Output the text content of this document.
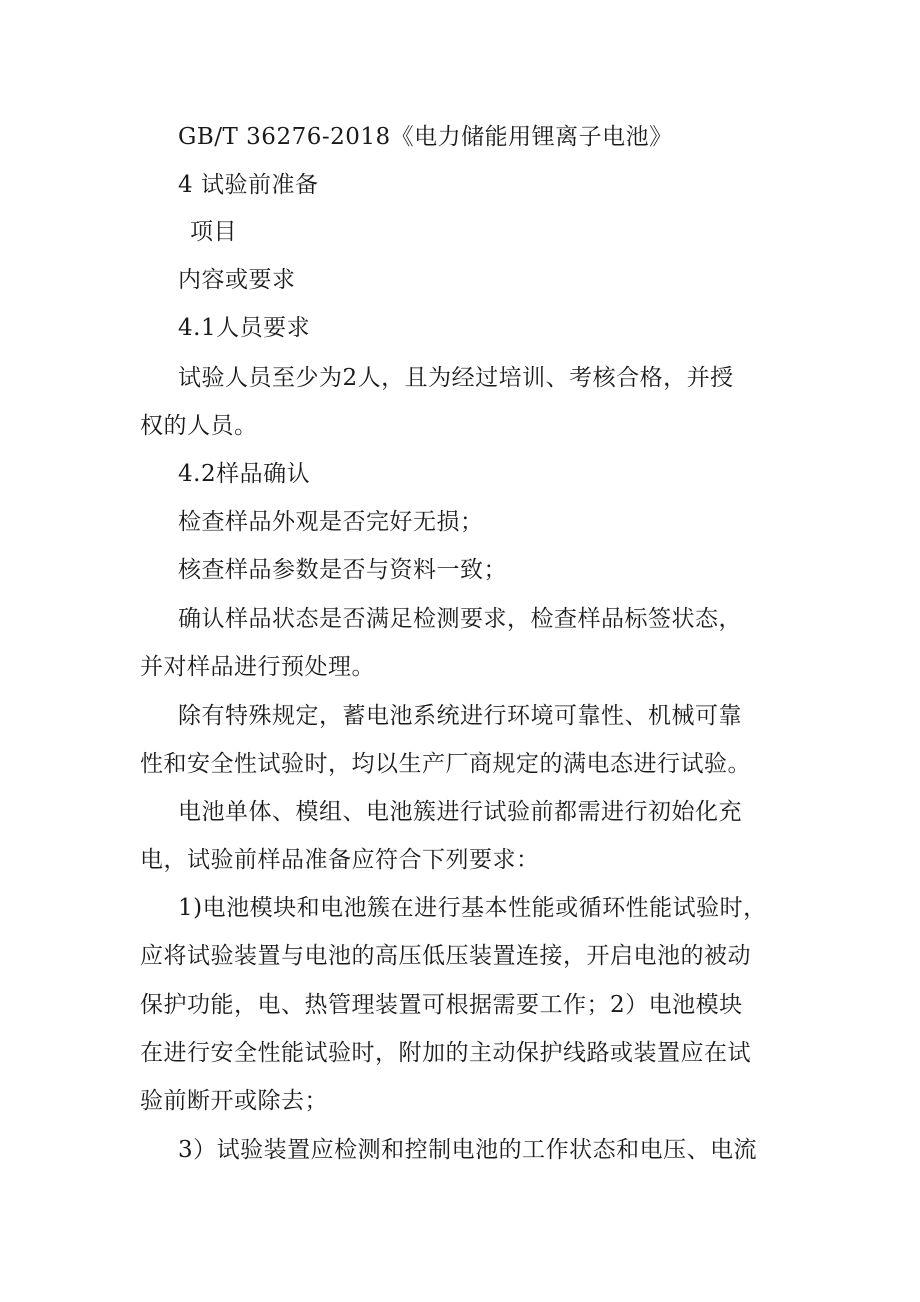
GB/T 36276-2018《电力储能用锂离子电池》
4 试验前准备
项目
内容或要求
4.1人员要求
试验人员至少为2人，且为经过培训、考核合格，并授
权的人员。
4.2样品确认
检查样品外观是否完好无损；
核查样品参数是否与资料一致；
确认样品状态是否满足检测要求，检查样品标签状态，
并对样品进行预处理。
除有特殊规定，蓄电池系统进行环境可靠性、机械可靠
性和安全性试验时，均以生产厂商规定的满电态进行试验。
电池单体、模组、电池簇进行试验前都需进行初始化充
电，试验前样品准备应符合下列要求：
1)电池模块和电池簇在进行基本性能或循环性能试验时，
应将试验装置与电池的高压低压装置连接，开启电池的被动
保护功能，电、热管理装置可根据需要工作；2）电池模块
在进行安全性能试验时，附加的主动保护线路或装置应在试
验前断开或除去；
3）试验装置应检测和控制电池的工作状态和电压、电流
